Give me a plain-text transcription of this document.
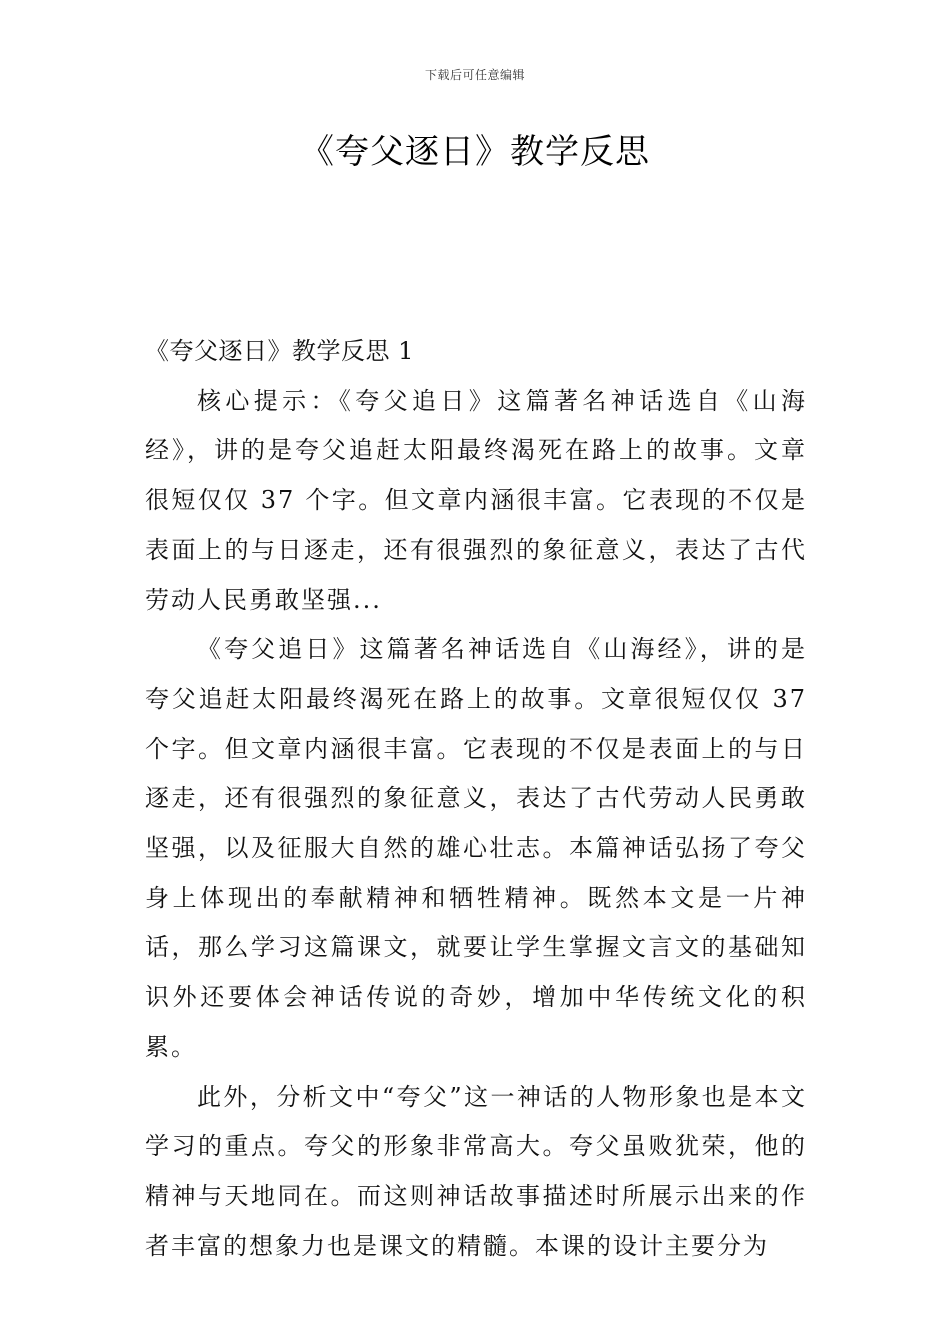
下载后可任意编辑
《夸父逐日》教学反思

《夸父逐日》教学反思 1

核心提示：《夸父追日》这篇著名神话选自《山海经》，讲的是夸父追赶太阳最终渴死在路上的故事。文章很短仅仅 37 个字。但文章内涵很丰富。它表现的不仅是表面上的与日逐走，还有很强烈的象征意义，表达了古代劳动人民勇敢坚强...

《夸父追日》这篇著名神话选自《山海经》，讲的是夸父追赶太阳最终渴死在路上的故事。文章很短仅仅 37 个字。但文章内涵很丰富。它表现的不仅是表面上的与日逐走，还有很强烈的象征意义，表达了古代劳动人民勇敢坚强，以及征服大自然的雄心壮志。本篇神话弘扬了夸父身上体现出的奉献精神和牺牲精神。既然本文是一片神话，那么学习这篇课文，就要让学生掌握文言文的基础知识外还要体会神话传说的奇妙，增加中华传统文化的积累。

此外，分析文中“夸父”这一神话的人物形象也是本文学习的重点。夸父的形象非常高大。夸父虽败犹荣，他的精神与天地同在。而这则神话故事描述时所展示出来的作者丰富的想象力也是课文的精髓。本课的设计主要分为
